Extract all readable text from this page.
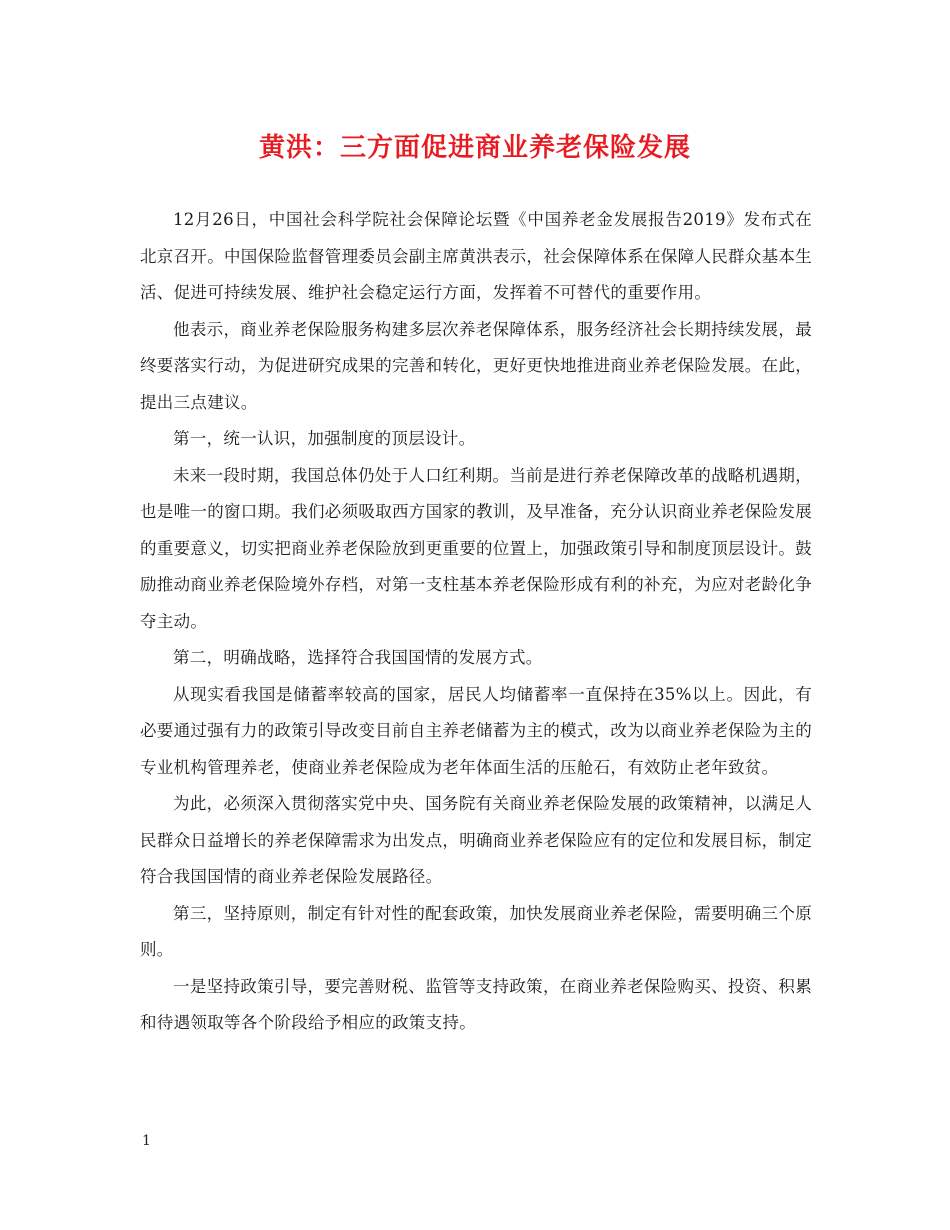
黄洪：三方面促进商业养老保险发展

12月26日，中国社会科学院社会保障论坛暨《中国养老金发展报告2019》发布式在北京召开。中国保险监督管理委员会副主席黄洪表示，社会保障体系在保障人民群众基本生活、促进可持续发展、维护社会稳定运行方面，发挥着不可替代的重要作用。

他表示，商业养老保险服务构建多层次养老保障体系，服务经济社会长期持续发展，最终要落实行动，为促进研究成果的完善和转化，更好更快地推进商业养老保险发展。在此，提出三点建议。

第一，统一认识，加强制度的顶层设计。

未来一段时期，我国总体仍处于人口红利期。当前是进行养老保障改革的战略机遇期，也是唯一的窗口期。我们必须吸取西方国家的教训，及早准备，充分认识商业养老保险发展的重要意义，切实把商业养老保险放到更重要的位置上，加强政策引导和制度顶层设计。鼓励推动商业养老保险境外存档，对第一支柱基本养老保险形成有利的补充，为应对老龄化争夺主动。

第二，明确战略，选择符合我国国情的发展方式。

从现实看我国是储蓄率较高的国家，居民人均储蓄率一直保持在35%以上。因此，有必要通过强有力的政策引导改变目前自主养老储蓄为主的模式，改为以商业养老保险为主的专业机构管理养老，使商业养老保险成为老年体面生活的压舱石，有效防止老年致贫。

为此，必须深入贯彻落实党中央、国务院有关商业养老保险发展的政策精神，以满足人民群众日益增长的养老保障需求为出发点，明确商业养老保险应有的定位和发展目标，制定符合我国国情的商业养老保险发展路径。

第三，坚持原则，制定有针对性的配套政策，加快发展商业养老保险，需要明确三个原则。

一是坚持政策引导，要完善财税、监管等支持政策，在商业养老保险购买、投资、积累和待遇领取等各个阶段给予相应的政策支持。

1
